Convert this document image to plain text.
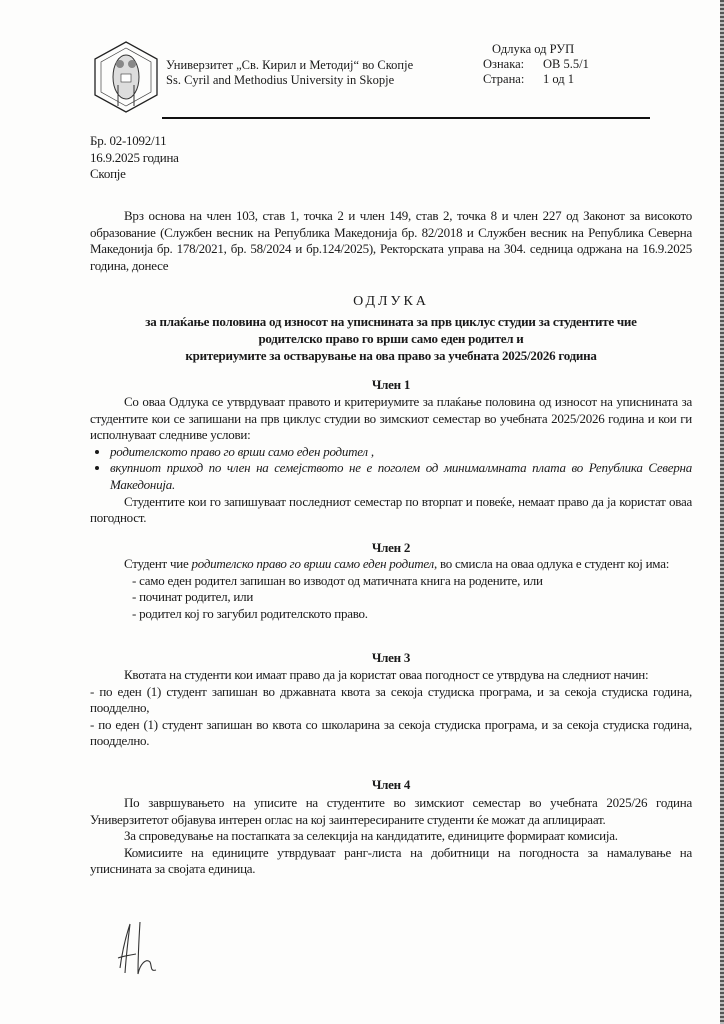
Универзитет „Св. Кирил и Методиј“ во Скопје
Ss. Cyril and Methodius University in Skopje
Одлука од РУП
Ознака: ОВ 5.5/1
Страна: 1 од 1
Бр. 02-1092/11
16.9.2025 година
Скопје

Врз основа на член 103, став 1, точка 2 и член 149, став 2, точка 8 и член 227 од Законот за високото образование (Службен весник на Република Македонија бр. 82/2018 и Службен весник на Република Северна Македонија бр. 178/2021, бр. 58/2024 и бр.124/2025), Ректорската управа на 304. седница одржана на 16.9.2025 година, донесе

ОДЛУКА
за плаќање половина од износот на уписнината за прв циклус студии за студентите чие
родителско право го врши само еден родител и
критериумите за остварување на ова право за учебната 2025/2026 година
Член 1

Со оваа Одлука се утврдуваат правото и критериумите за плаќање половина од износот на уписнината за студентите кои се запишани на прв циклус студии во зимскиот семестар во учебната 2025/2026 година и кои ги исполнуваат следниве услови:

• родителското право го врши само еден родител ,
• вкупниот приход по член на семејството не е поголем од минималмната плата во Република Северна Македонија.

Студентите кои го запишуваат последниот семестар по вторпат и повеќе, немаат право да ја користат оваа погодност.

Член 2

Студент чие родителско право го врши само еден родител, во смисла на оваа одлука е студент кој има:

- само еден родител запишан во изводот од матичната книга на родените, или
- починат родител, или
- родител кој го загубил родителското право.
Член 3

Квотата на студенти кои имаат право да ја користат оваа погодност се утврдува на следниот начин:

- по еден (1) студент запишан во државната квота за секоја студиска програма, и за секоја студиска година, поодделно,

- по еден (1) студент запишан во квота со школарина за секоја студиска програма, и за секоја студиска година, поодделно.

Член 4

По завршувањето на уписите на студентите во зимскиот семестар во учебната 2025/26 година Универзитетот објавува интерен оглас на кој заинтересираните студенти ќе можат да аплицираат.

За спроведување на постапката за селекција на кандидатите, единиците формираат комисија.

Комисиите на единиците утврдуваат ранг-листа на добитници на погодноста за намалување на уписнината за својата единица.
